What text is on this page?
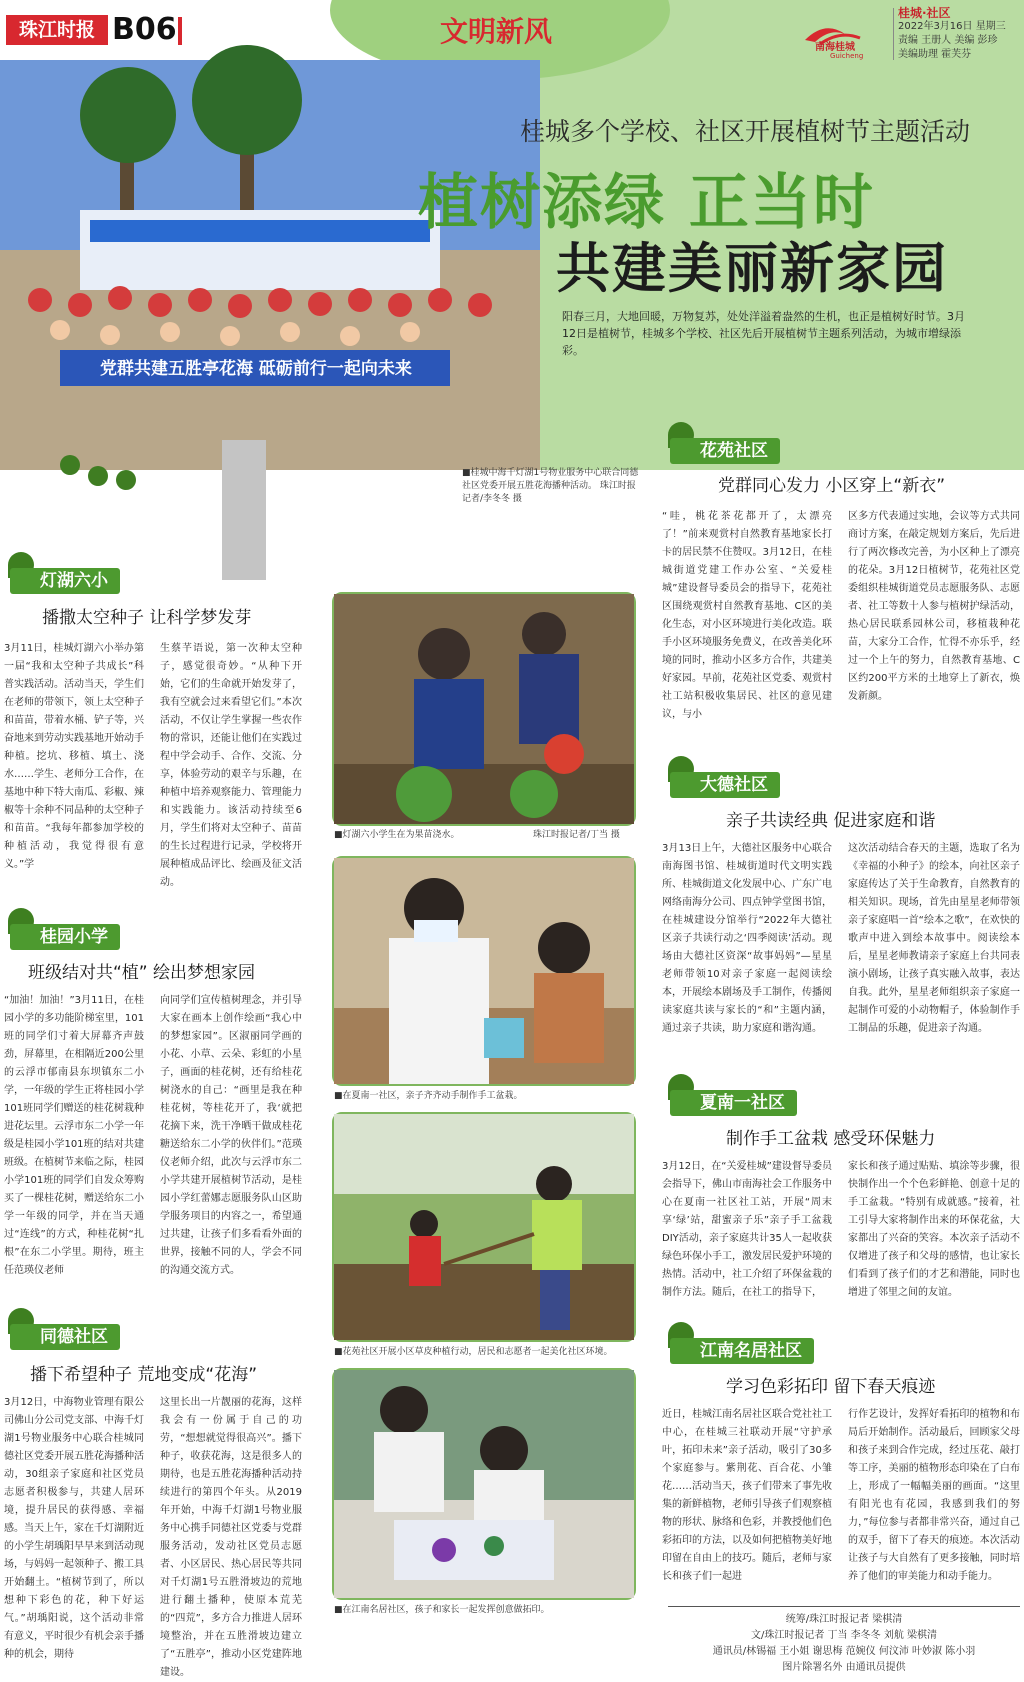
珠江时报 B06	文明新风	南海桂城
Guicheng
桂城·社区
2022年3月16日 星期三
责编 王册人 美编 彭珍
美编助理 霍芙芬
党群共建五胜亭花海 砥砺前行一起向未来
桂城多个学校、社区开展植树节主题活动
植树添绿 正当时
共建美丽新家园
阳春三月，大地回暖，万物复苏，处处洋溢着盎然的生机，也正是植树好时节。3月12日是植树节，桂城多个学校、社区先后开展植树节主题系列活动，为城市增绿添彩。
■桂城中海千灯湖1号物业服务中心联合同德社区党委开展五胜花海播种活动。 珠江时报记者/李冬冬 摄
灯湖六小
播撒太空种子 让科学梦发芽
3月11日，桂城灯湖六小举办第一届“我和太空种子共成长”科普实践活动。活动当天，学生们在老师的带领下，领上太空种子和苗苗，带着水桶、铲子等，兴奋地来到劳动实践基地开始动手种植。挖坑、移植、填土、浇水……学生、老师分工合作，在基地中种下特大南瓜、彩椒、辣椒等十余种不同品种的太空种子和苗苗。“我每年都参加学校的种植活动，我觉得很有意义。”学
生蔡芊语说，第一次种太空种子，感觉很奇妙。“从种下开始，它们的生命就开始发芽了，我有空就会过来看望它们。”本次活动，不仅让学生掌握一些农作物的常识，还能让他们在实践过程中学会动手、合作、交流、分享，体验劳动的艰辛与乐趣，在种植中培养观察能力、管理能力和实践能力。该活动持续至6月，学生们将对太空种子、苗苗的生长过程进行记录，学校将开展种植成品评比、绘画及征文活动。
桂园小学
班级结对共“植” 绘出梦想家园
“加油！加油！”3月11日，在桂园小学的多功能阶梯室里，101班的同学们寸着大屏幕齐声鼓劲，屏幕里，在相隔近200公里的云浮市郁南县东坝镇东二小学，一年级的学生正将桂园小学101班同学们赠送的桂花树栽种进花坛里。云浮市东二小学一年级是桂园小学101班的结对共建班级。在植树节来临之际，桂园小学101班的同学们自发众筹购买了一棵桂花树，赠送给东二小学一年级的同学，并在当天通过“连线”的方式，种桂花树“扎根”在东二小学里。期待，班主任范瑛仪老师
向同学们宣传植树理念，并引导大家在画本上创作绘画“我心中的梦想家园”。区淑丽同学画的小花、小草、云朵、彩虹的小星子，画面的桂花树，还有给桂花树浇水的自己：“画里是我在种桂花树，等桂花开了，我‘就把花摘下来，洗干净晒干做成桂花糖送给东二小学的伙伴们。”范瑛仪老师介绍，此次与云浮市东二小学共建开展植树节活动，是桂园小学红蕾娜志愿服务队山区助学服务项目的内容之一，希望通过共建，让孩子们多看看外面的世界，接触不同的人，学会不同的沟通交流方式。
同德社区
播下希望种子 荒地变成“花海”
3月12日，中海物业管理有限公司佛山分公司党支部、中海千灯湖1号物业服务中心联合桂城同德社区党委开展五胜花海播种活动，30组亲子家庭和社区党员志愿者积极参与，共建人居环境，提升居民的获得感、幸福感。当天上午，家在千灯湖附近的小学生胡瑀阳早早来到活动现场，与妈妈一起领种子、搬工具开始翻土。“植树节到了，所以想种下彩色的花，种下好运气。”胡瑀阳说，这个活动非常有意义，平时很少有机会亲手播种的机会，期待
这里长出一片靓丽的花海，这样我会有一份属于自己的功劳，“想想就觉得很高兴”。播下种子，收获花海，这是很多人的期待，也是五胜花海播种活动持续进行的第四个年头。从2019年开始，中海千灯湖1号物业服务中心携手同德社区党委与党群服务活动，发动社区党员志愿者、小区居民、热心居民等共同对千灯湖1号五胜滑坡边的荒地进行翻土播种，使原本荒芜的“四荒”，多方合力推进人居环境整治，并在五胜滑坡边建立了“五胜亭”，推动小区党建阵地建设。
■灯湖六小学生在为果苗浇水。	珠江时报记者/丁当 摄
■在夏南一社区，亲子齐齐动手制作手工盆栽。
■花苑社区开展小区草皮种植行动，居民和志愿者一起美化社区环境。
■在江南名居社区，孩子和家长一起发挥创意做拓印。
花苑社区
党群同心发力 小区穿上“新衣”
“哇，桃花茶花都开了，太漂亮了！”前来观赏村自然教育基地家长打卡的居民禁不住赞叹。3月12日，在桂城街道党建工作办公室、“关爱桂城”建设督导委员会的指导下，花苑社区围绕观赏村自然教育基地、C区的美化生态，对小区环境进行美化改造。联手小区环境服务免费义，在改善美化环境的同时，推动小区多方合作，共建美好家园。早前，花苑社区党委、观赏村社工站积极收集居民、社区的意见建议，与小
区多方代表通过实地，会议等方式共同商讨方案，在敲定规划方案后，先后进行了两次修改完善，为小区种上了漂亮的花朵。3月12日植树节，花苑社区党委组织桂城街道党员志愿服务队、志愿者、社工等数十人参与植树护绿活动，热心居民联系园林公司，移植栽种花苗，大家分工合作，忙得不亦乐乎，经过一个上午的努力，自然教育基地、C区约200平方米的土地穿上了新衣，焕发新颜。
大德社区
亲子共读经典 促进家庭和谐
3月13日上午，大德社区服务中心联合南海图书馆、桂城街道时代文明实践所、桂城街道文化发展中心、广东广电网络南海分公司、四点钟学堂图书馆，在桂城建设分馆举行“2022年大德社区亲子共读行动之‘四季阅读’活动。现场由大德社区资深“故事妈妈”—星星老师带领10对亲子家庭一起阅读绘本，开展绘本剧场及手工制作，传播阅读家庭共读与家长的“和”主题内涵，通过亲子共读，助力家庭和谐沟通。
这次活动结合春天的主题，选取了名为《幸福的小种子》的绘本，向社区亲子家庭传达了关于生命教育，自然教育的相关知识。现场，首先由星星老师带领亲子家庭唱一首“绘本之歌”，在欢快的歌声中进入到绘本故事中。阅读绘本后，星星老师教请亲子家庭上台共同表演小剧场，让孩子真实融入故事，表达自我。此外，星星老师组织亲子家庭一起制作可爱的小动物帽子，体验制作手工制品的乐趣，促进亲子沟通。
夏南一社区
制作手工盆栽 感受环保魅力
3月12日，在“关爱桂城”建设督导委员会指导下，佛山市南海社会工作服务中心在夏南一社区社工站，开展“周末享‘绿’站，甜蜜亲子乐”亲子手工盆栽DIY活动，亲子家庭共计35人一起收获绿色环保小手工，激发居民爱护环境的热情。活动中，社工介绍了环保盆栽的制作方法。随后，在社工的指导下，
家长和孩子通过贴贴、填涂等步骤，很快制作出一个个色彩鲜艳、创意十足的手工盆栽。“特别有成就感。”接着，社工引导大家将制作出来的环保花盆，大家都出了兴奋的笑容。本次亲子活动不仅增进了孩子和父母的感情，也让家长们看到了孩子们的才艺和潜能，同时也增进了邻里之间的友谊。
江南名居社区
学习色彩拓印 留下春天痕迹
近日，桂城江南名居社区联合党社社工中心，在桂城三社联动开展“守护承叶，拓印未来”亲子活动，吸引了30多个家庭参与。紫荆花、百合花、小雏花……活动当天，孩子们带来了事先收集的新鲜植物，老师引导孩子们观察植物的形状、脉络和色彩，并教授他们色彩拓印的方法，以及如何把植物美好地印留在自由上的技巧。随后，老师与家长和孩子们一起进
行作艺设计，发挥好看拓印的植物和布局后开始制作。活动最后，回顾家父母和孩子来到合作完成，经过压花、敲打等工序，美丽的植物形态印染在了白布上，形成了一幅幅美丽的画面。“这里有阳光也有花园，我感到我们的努力，”每位参与者都非常兴奋，通过自己的双手，留下了春天的痕迹。本次活动让孩子与大自然有了更多接触，同时培养了他们的审美能力和动手能力。
统筹/珠江时报记者 梁棋清
文/珠江时报记者 丁当 李冬冬 刘航 梁棋清
通讯员/林锡福 王小姐 谢思梅 范婉仪 何汶沛 叶妙淑 陈小羽
图片除署名外 由通讯员提供
